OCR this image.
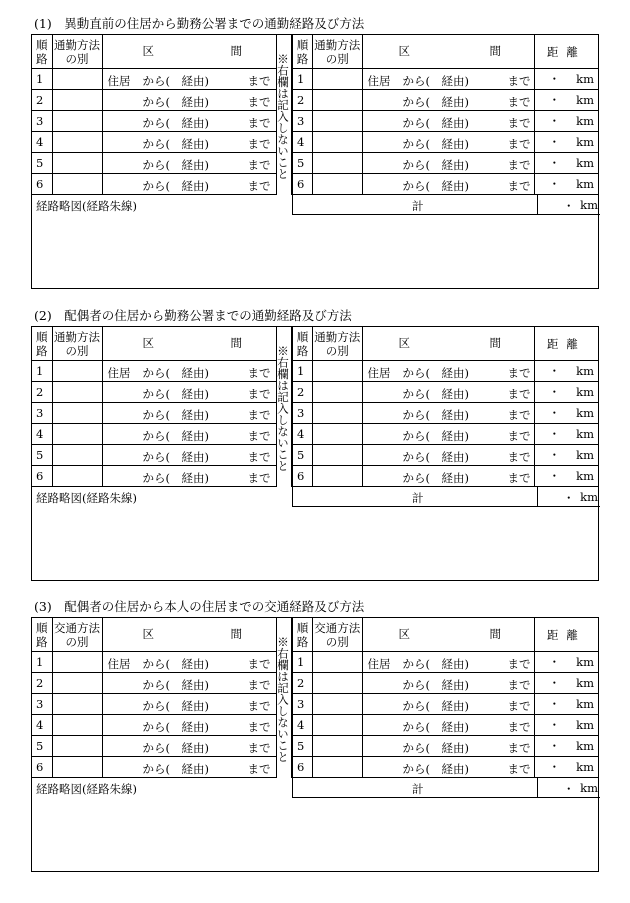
(1)　異動直前の住居から勤務公署までの通勤経路及び方法
順路	通勤方法の別	区 間

1		住居 から( 経由) まで

2		から( 経由) まで

3		から( 経由) まで

4		から( 経由) まで

5		から( 経由) まで

6		から( 経由) まで
※右欄は記入しないこと
順路	通勤方法の別	区 間	距離
1		住居 から( 経由) まで	・ km
2		から( 経由) まで	・ km
3		から( 経由) まで	・ km
4		から( 経由) まで	・ km
5		から( 経由) まで	・ km
6		から( 経由) まで	・ km
経路略図(経路朱線)	計	・ km
(2)　配偶者の住居から勤務公署までの通勤経路及び方法
順路	通勤方法の別	区 間

1		住居 から( 経由) まで

2		から( 経由) まで

3		から( 経由) まで

4		から( 経由) まで

5		から( 経由) まで

6		から( 経由) まで
※右欄は記入しないこと
順路	通勤方法の別	区 間	距離
1		住居 から( 経由) まで	・ km
2		から( 経由) まで	・ km
3		から( 経由) まで	・ km
4		から( 経由) まで	・ km
5		から( 経由) まで	・ km
6		から( 経由) まで	・ km
経路略図(経路朱線)	計	・ km
(3)　配偶者の住居から本人の住居までの交通経路及び方法
順路	交通方法の別	区 間

1		住居 から( 経由) まで

2		から( 経由) まで

3		から( 経由) まで

4		から( 経由) まで

5		から( 経由) まで

6		から( 経由) まで
※右欄は記入しないこと
順路	交通方法の別	区 間	距離
1		住居 から( 経由) まで	・ km
2		から( 経由) まで	・ km
3		から( 経由) まで	・ km
4		から( 経由) まで	・ km
5		から( 経由) まで	・ km
6		から( 経由) まで	・ km
経路略図(経路朱線)	計	・ km
